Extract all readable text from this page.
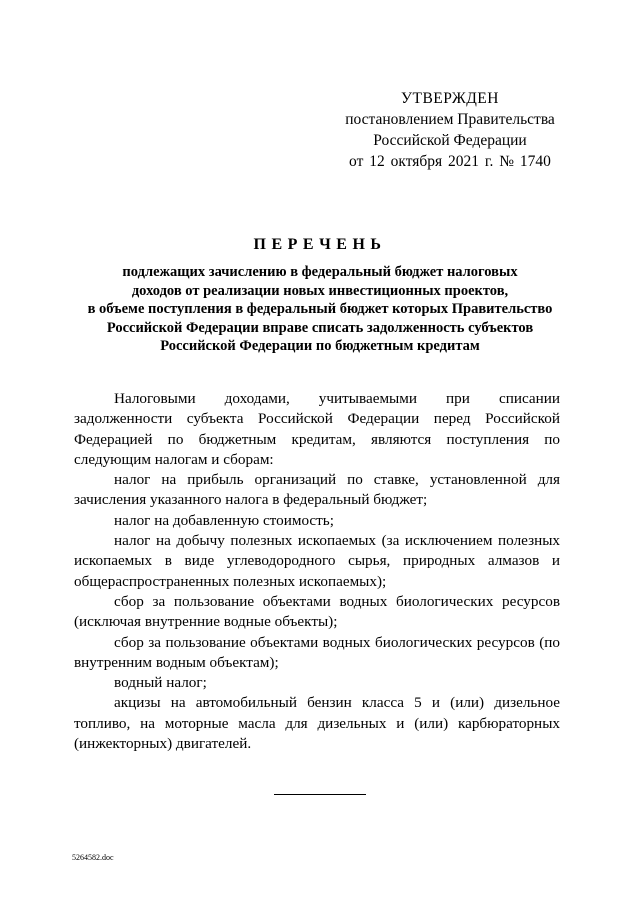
УТВЕРЖДЕН
постановлением Правительства
Российской Федерации
от 12 октября 2021 г. № 1740
ПЕРЕЧЕНЬ
подлежащих зачислению в федеральный бюджет налоговых
доходов от реализации новых инвестиционных проектов,
в объеме поступления в федеральный бюджет которых Правительство
Российской Федерации вправе списать задолженность субъектов
Российской Федерации по бюджетным кредитам

Налоговыми доходами, учитываемыми при списании задолженности субъекта Российской Федерации перед Российской Федерацией по бюджетным кредитам, являются поступления по следующим налогам и сборам:

налог на прибыль организаций по ставке, установленной для зачисления указанного налога в федеральный бюджет;

налог на добавленную стоимость;

налог на добычу полезных ископаемых (за исключением полезных ископаемых в виде углеводородного сырья, природных алмазов и общераспространенных полезных ископаемых);

сбор за пользование объектами водных биологических ресурсов (исключая внутренние водные объекты);

сбор за пользование объектами водных биологических ресурсов (по внутренним водным объектам);

водный налог;

акцизы на автомобильный бензин класса 5 и (или) дизельное топливо, на моторные масла для дизельных и (или) карбюраторных (инжекторных) двигателей.

5264582.doc
